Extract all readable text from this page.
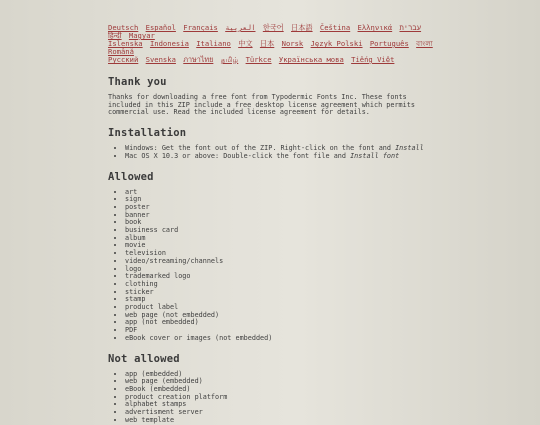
Deutsch Español Français العربية 한국어 日本語 Čeština Ελληνικά עברית हिन्दी Magyar
Íslenska Indonesia Italiano 中文 日本 Norsk Język Polski Português বাংলা Română
Русский Svenska ภาษาไทย தமிழ் Türkce Українська мова Tiếng Việt
Thank you

Thanks for downloading a free font from Typodermic Fonts Inc. These fonts included in this ZIP include a free desktop license agreement which permits commercial use. Read the included license agreement for details.

Installation
• Windows: Get the font out of the ZIP. Right-click on the font and Install
• Mac OS X 10.3 or above: Double-click the font file and Install font
Allowed
• art
• sign
• poster
• banner
• book
• business card
• album
• movie
• television
• video/streaming/channels
• logo
• trademarked logo
• clothing
• sticker
• stamp
• product label
• web page (not embedded)
• app (not embedded)
• PDF
• eBook cover or images (not embedded)
Not allowed
• app (embedded)
• web page (embedded)
• eBook (embedded)
• product creation platform
• alphabet stamps
• advertisment server
• web template
